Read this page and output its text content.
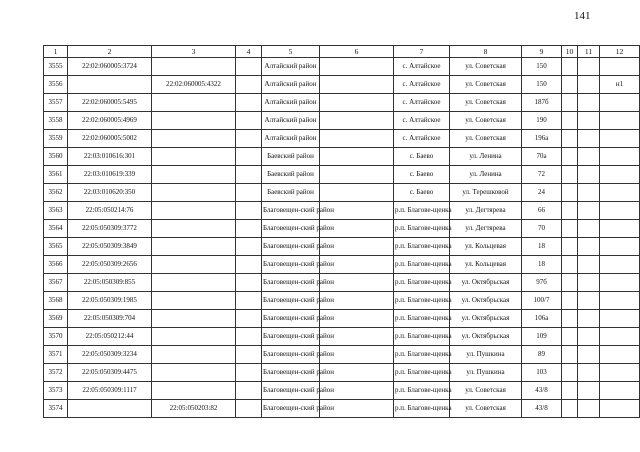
141
1	2	3	4	5	6	7	8	9	10	11	12
3555	22:02:060005:3724			Алтайский район		с. Алтайское	ул. Советская	150			
3556		22:02:060005:4322		Алтайский район		с. Алтайское	ул. Советская	150			н1
3557	22:02:060005:5495			Алтайский район		с. Алтайское	ул. Советская	187б			
3558	22:02:060005:4969			Алтайский район		с. Алтайское	ул. Советская	190			
3559	22:02:060005:5002			Алтайский район		с. Алтайское	ул. Советская	196а			
3560	22:03:010616:301			Баевский район		с. Баево	ул. Ленина	70а			
3561	22:03:010619:339			Баевский район		с. Баево	ул. Ленина	72			
3562	22:03:010620:350			Баевский район		с. Баево	ул. Терешковой	24			
3563	22:05:050214:76			Благовещен-ский район		р.п. Благове-щенка	ул. Дегтярева	66			
3564	22:05:050309:3772			Благовещен-ский район		р.п. Благове-щенка	ул. Дегтярева	70			
3565	22:05:050309:3849			Благовещен-ский район		р.п. Благове-щенка	ул. Кольцевая	18			
3566	22:05:050309:2656			Благовещен-ский район		р.п. Благове-щенка	ул. Кольцевая	18			
3567	22:05:050309:855			Благовещен-ский район		р.п. Благове-щенка	ул. Октябрьская	97б			
3568	22:05:050309:1985			Благовещен-ский район		р.п. Благове-щенка	ул. Октябрьская	100/7			
3569	22:05:050309:704			Благовещен-ский район		р.п. Благове-щенка	ул. Октябрьская	106а			
3570	22:05:050212:44			Благовещен-ский район		р.п. Благове-щенка	ул. Октябрьская	109			
3571	22:05:050309:3234			Благовещен-ский район		р.п. Благове-щенка	ул. Пушкина	89			
3572	22:05:050309:4475			Благовещен-ский район		р.п. Благове-щенка	ул. Пушкина	103			
3573	22:05:050309:1117			Благовещен-ский район		р.п. Благове-щенка	ул. Советская	43/8			
3574		22:05:050203:82		Благовещен-ский район		р.п. Благове-щенка	ул. Советская	43/8			
